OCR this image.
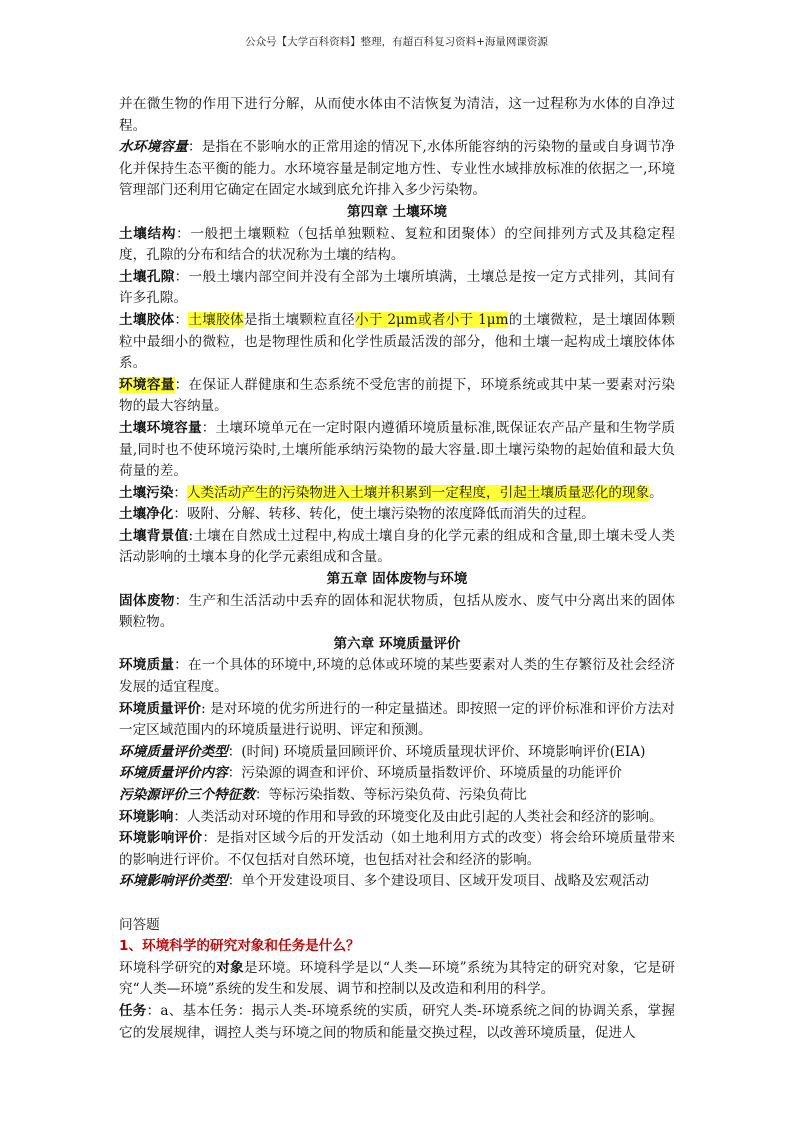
公众号【大学百科资料】整理，有超百科复习资料+海量网课资源

并在微生物的作用下进行分解，从而使水体由不洁恢复为清洁，这一过程称为水体的自净过程。

水环境容量：是指在不影响水的正常用途的情况下,水体所能容纳的污染物的量或自身调节净化并保持生态平衡的能力。水环境容量是制定地方性、专业性水域排放标准的依据之一,环境管理部门还利用它确定在固定水域到底允许排入多少污染物。

第四章 土壤环境

土壤结构：一般把土壤颗粒（包括单独颗粒、复粒和团聚体）的空间排列方式及其稳定程度，孔隙的分布和结合的状况称为土壤的结构。

土壤孔隙：一般土壤内部空间并没有全部为土壤所填满，土壤总是按一定方式排列，其间有许多孔隙。

土壤胶体：土壤胶体是指土壤颗粒直径小于 2μm或者小于 1μm的土壤微粒，是土壤固体颗粒中最细小的微粒，也是物理性质和化学性质最活泼的部分，他和土壤一起构成土壤胶体体系。

环境容量：在保证人群健康和生态系统不受危害的前提下，环境系统或其中某一要素对污染物的最大容纳量。

土壤环境容量：土壤环境单元在一定时限内遵循环境质量标准,既保证农产品产量和生物学质量,同时也不使环境污染时,土壤所能承纳污染物的最大容量.即土壤污染物的起始值和最大负荷量的差。

土壤污染：人类活动产生的污染物进入土壤并积累到一定程度，引起土壤质量恶化的现象。

土壤净化：吸附、分解、转移、转化，使土壤污染物的浓度降低而消失的过程。

土壤背景值:土壤在自然成土过程中,构成土壤自身的化学元素的组成和含量,即土壤未受人类活动影响的土壤本身的化学元素组成和含量。

第五章 固体废物与环境

固体废物：生产和生活活动中丢弃的固体和泥状物质，包括从废水、废气中分离出来的固体颗粒物。

第六章 环境质量评价

环境质量：在一个具体的环境中,环境的总体或环境的某些要素对人类的生存繁衍及社会经济发展的适宜程度。

环境质量评价: 是对环境的优劣所进行的一种定量描述。即按照一定的评价标准和评价方法对一定区域范围内的环境质量进行说明、评定和预测。

环境质量评价类型：(时间) 环境质量回顾评价、环境质量现状评价、环境影响评价(EIA)

环境质量评价内容：污染源的调查和评价、环境质量指数评价、环境质量的功能评价

污染源评价三个特征数：等标污染指数、等标污染负荷、污染负荷比

环境影响：人类活动对环境的作用和导致的环境变化及由此引起的人类社会和经济的影响。

环境影响评价：是指对区域今后的开发活动（如土地利用方式的改变）将会给环境质量带来的影响进行评价。不仅包括对自然环境，也包括对社会和经济的影响。

环境影响评价类型：单个开发建设项目、多个建设项目、区域开发项目、战略及宏观活动

问答题

1、环境科学的研究对象和任务是什么？

环境科学研究的对象是环境。环境科学是以“人类—环境”系统为其特定的研究对象，它是研究“人类—环境”系统的发生和发展、调节和控制以及改造和利用的科学。

任务：a、基本任务：揭示人类-环境系统的实质，研究人类-环境系统之间的协调关系，掌握它的发展规律，调控人类与环境之间的物质和能量交换过程，以改善环境质量，促进人
